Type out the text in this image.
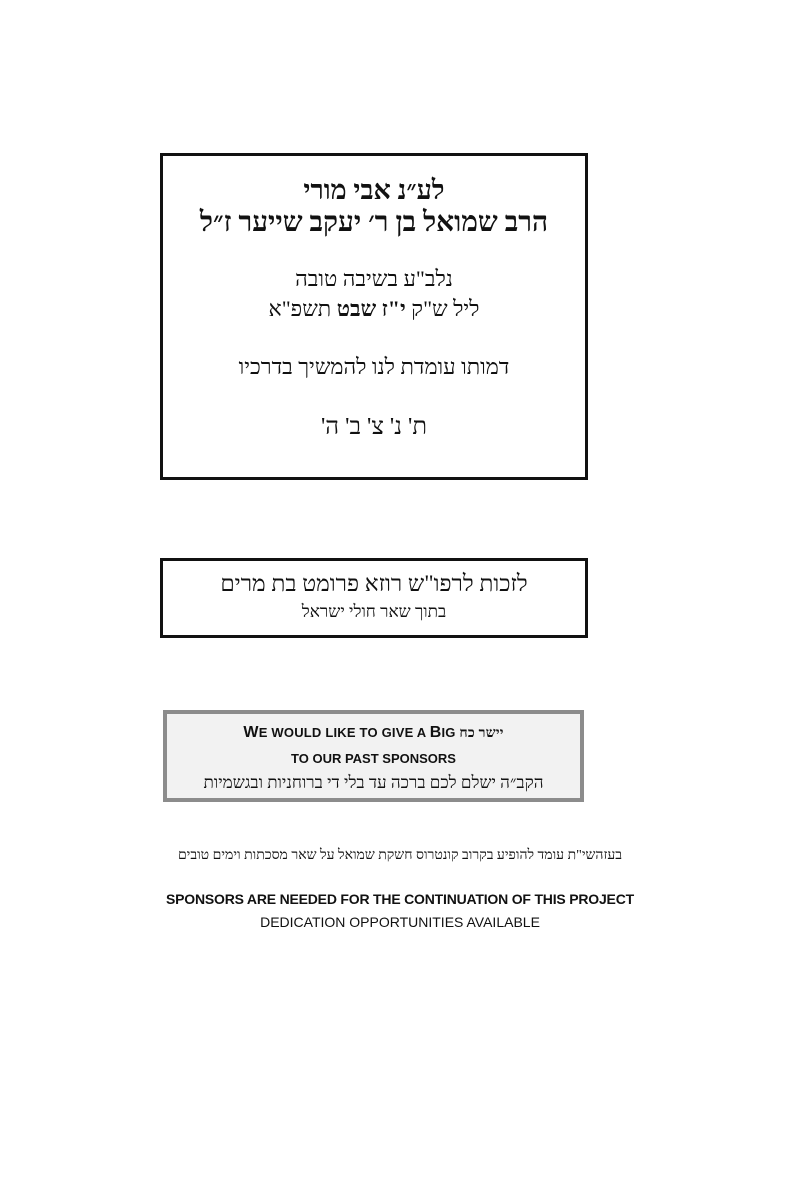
לע״נ אבי מורי

הרב שמואל בן ר׳ יעקב שייער ז״ל

נלב"ע בשיבה טובה

ליל ש"ק י"ז שבט תשפ"א

דמותו עומדת לנו להמשיך בדרכיו

ת' נ' צ' ב' ה'

לזכות לרפו"ש רוזא פרומט בת מרים
בתוך שאר חולי ישראל
WE WOULD LIKE TO GIVE A BIG יישר כח
TO OUR PAST SPONSORS
הקב״ה ישלם לכם ברכה עד בלי די ברוחניות ובגשמיות
בעזהשי"ת עומד להופיע בקרוב קונטרוס חשקת שמואל על שאר מסכתות וימים טובים
SPONSORS ARE NEEDED FOR THE CONTINUATION OF THIS PROJECT
DEDICATION OPPORTUNITIES AVAILABLE
